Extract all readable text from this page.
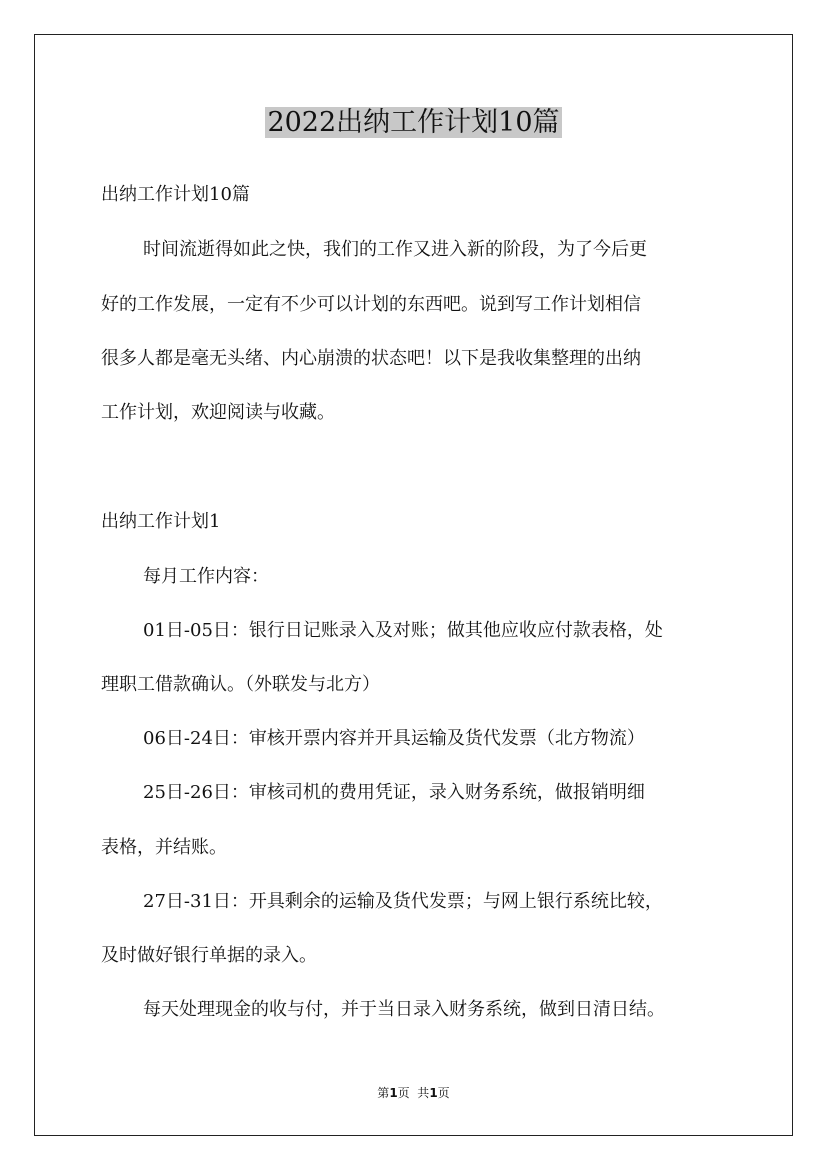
2022出纳工作计划10篇

出纳工作计划10篇

时间流逝得如此之快，我们的工作又进入新的阶段，为了今后更

好的工作发展，一定有不少可以计划的东西吧。说到写工作计划相信

很多人都是毫无头绪、内心崩溃的状态吧！以下是我收集整理的出纳

工作计划，欢迎阅读与收藏。

出纳工作计划1

每月工作内容：

01日-05日：银行日记账录入及对账；做其他应收应付款表格，处

理职工借款确认。（外联发与北方）

06日-24日：审核开票内容并开具运输及货代发票（北方物流）

25日-26日：审核司机的费用凭证，录入财务系统，做报销明细

表格，并结账。

27日-31日：开具剩余的运输及货代发票；与网上银行系统比较，

及时做好银行单据的录入。

每天处理现金的收与付，并于当日录入财务系统，做到日清日结。

第1页  共1页
